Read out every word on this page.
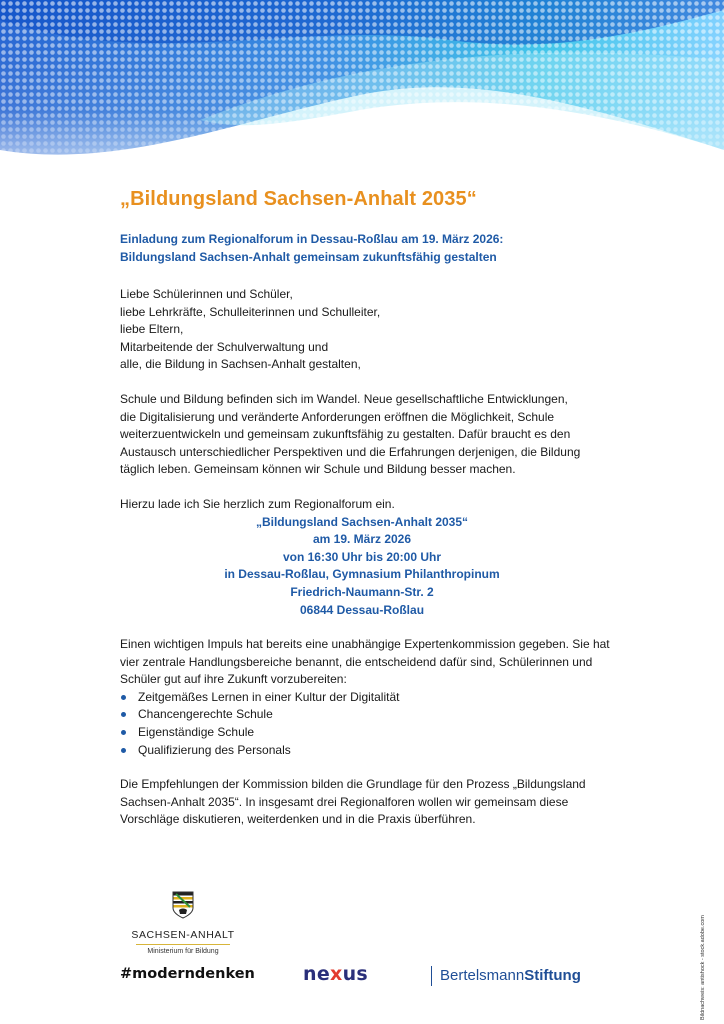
„Bildungsland Sachsen-Anhalt 2035“
Einladung zum Regionalforum in Dessau-Roßlau am 19. März 2026:
Bildungsland Sachsen-Anhalt gemeinsam zukunftsfähig gestalten
Liebe Schülerinnen und Schüler,
liebe Lehrkräfte, Schulleiterinnen und Schulleiter,
liebe Eltern,
Mitarbeitende der Schulverwaltung und
alle, die Bildung in Sachsen-Anhalt gestalten,
Schule und Bildung befinden sich im Wandel. Neue gesellschaftliche Entwicklungen,
die Digitalisierung und veränderte Anforderungen eröffnen die Möglichkeit, Schule
weiterzuentwickeln und gemeinsam zukunftsfähig zu gestalten. Dafür braucht es den
Austausch unterschiedlicher Perspektiven und die Erfahrungen derjenigen, die Bildung
täglich leben. Gemeinsam können wir Schule und Bildung besser machen.
Hierzu lade ich Sie herzlich zum Regionalforum ein.
„Bildungsland Sachsen-Anhalt 2035“
am 19. März 2026
von 16:30 Uhr bis 20:00 Uhr
in Dessau-Roßlau, Gymnasium Philanthropinum
Friedrich-Naumann-Str. 2
06844 Dessau-Roßlau
Einen wichtigen Impuls hat bereits eine unabhängige Expertenkommission gegeben. Sie hat
vier zentrale Handlungsbereiche benannt, die entscheidend dafür sind, Schülerinnen und
Schüler gut auf ihre Zukunft vorzubereiten:
Zeitgemäßes Lernen in einer Kultur der Digitalität
Chancengerechte Schule
Eigenständige Schule
Qualifizierung des Personals
Die Empfehlungen der Kommission bilden die Grundlage für den Prozess „Bildungsland
Sachsen-Anhalt 2035“. In insgesamt drei Regionalforen wollen wir gemeinsam diese
Vorschläge diskutieren, weiterdenken und in die Praxis überführen.
SACHSEN-ANHALT
Ministerium für Bildung
#moderndenken	nexus	BertelsmannStiftung	Bildnachweis: antishock - stock.adobe.com
